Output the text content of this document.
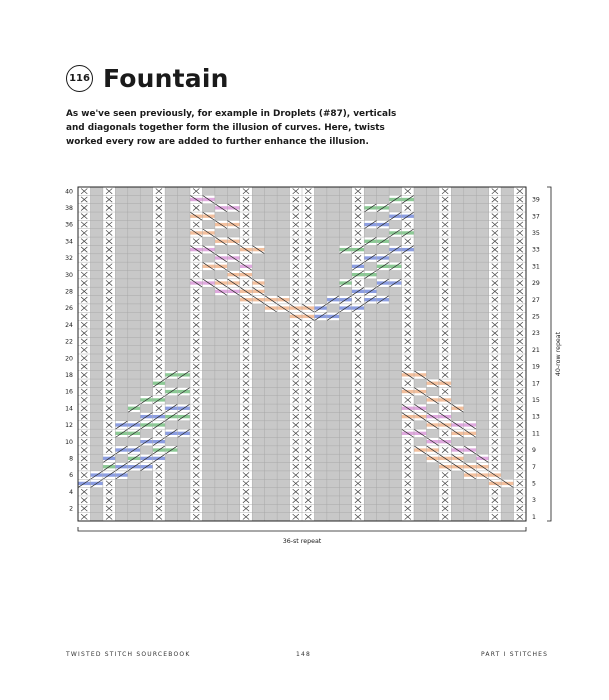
116 Fountain

As we've seen previously, for example in Droplets (#87), verticals

and diagonals together form the illusion of curves. Here, twists

worked every row are added to further enhance the illusion.

40
38
36
34
32
30
28
26
24
22
20
18
16
14
12
10
8
6
4
2
39
37
35
33
31
29
27
25
23
21
19
17
15
13
11
9
7
5
3
1
36-st repeat
40-row repeat
TWISTED STITCH SOURCEBOOK	148	PART I STITCHES
